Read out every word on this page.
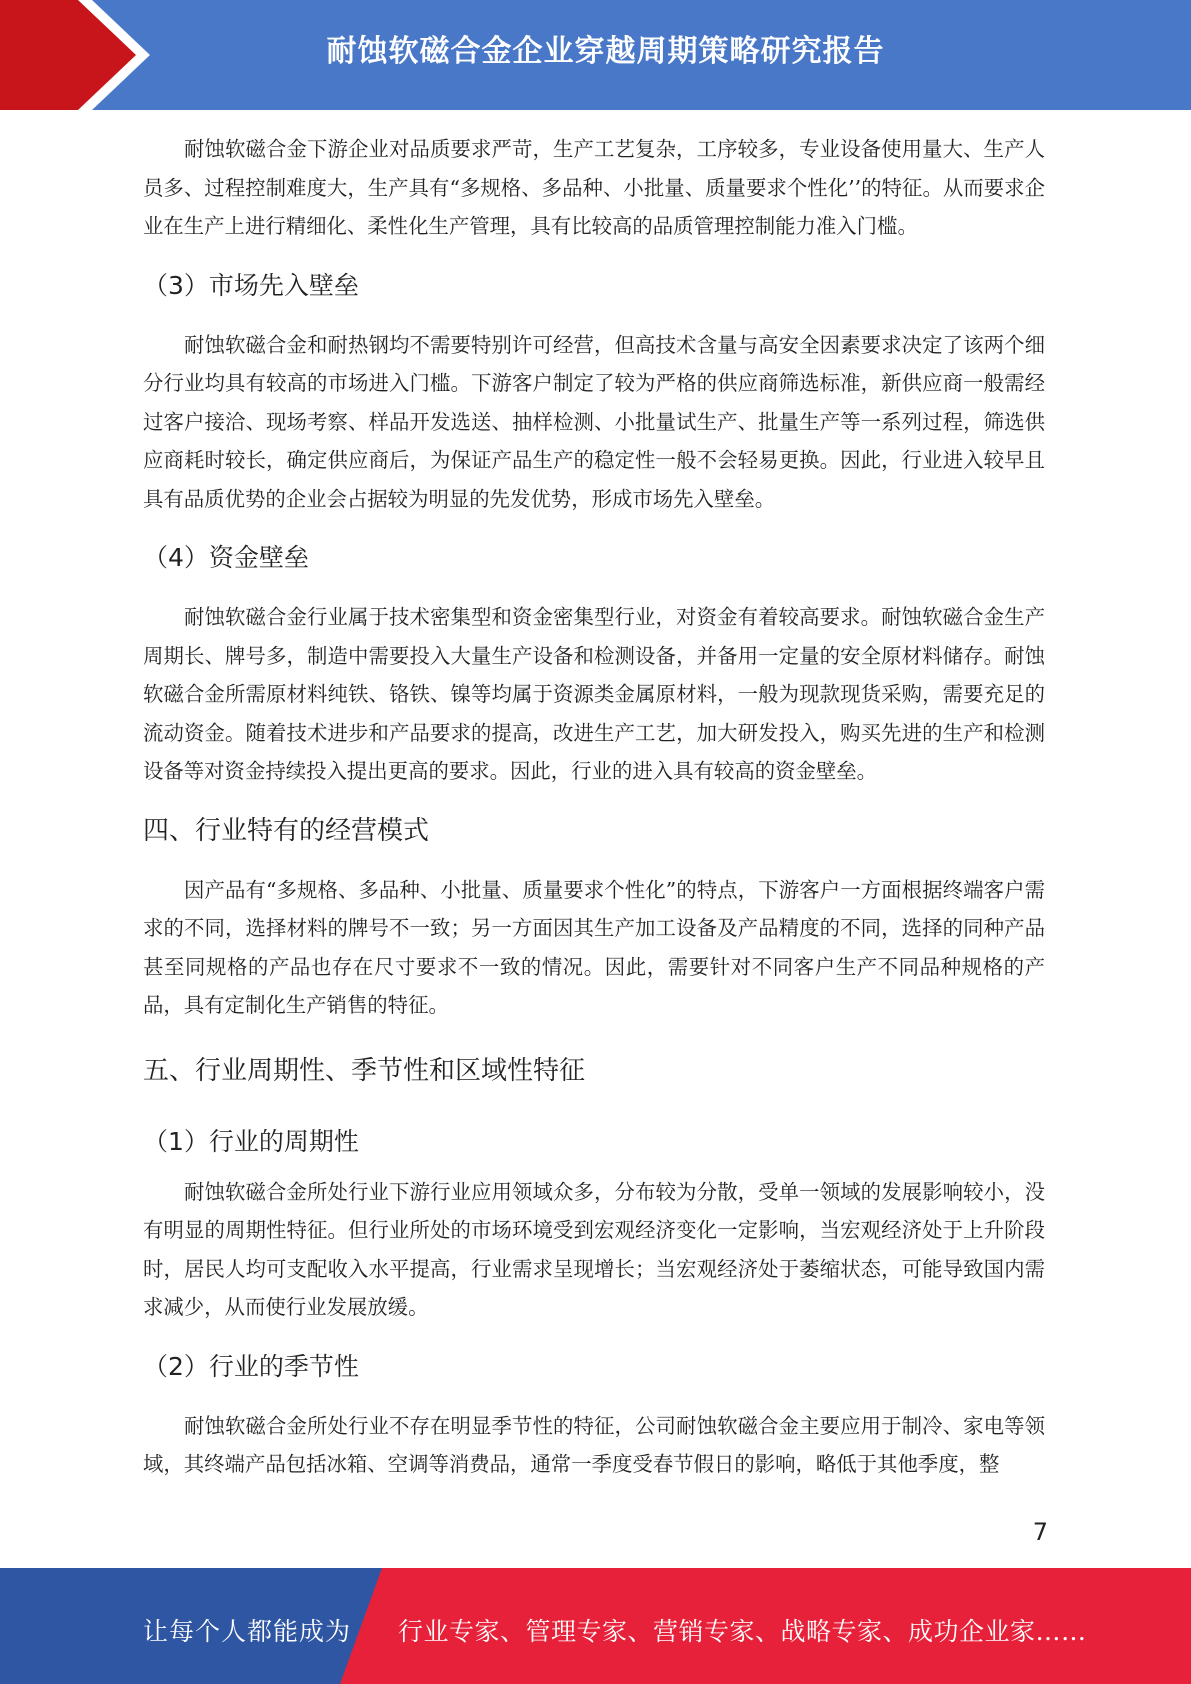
耐蚀软磁合金企业穿越周期策略研究报告

耐蚀软磁合金下游企业对品质要求严苛，生产工艺复杂，工序较多，专业设备使用量大、生产人员多、过程控制难度大，生产具有“多规格、多品种、小批量、质量要求个性化’’的特征。从而要求企业在生产上进行精细化、柔性化生产管理，具有比较高的品质管理控制能力准入门槛。

（3）市场先入壁垒

耐蚀软磁合金和耐热钢均不需要特别许可经营，但高技术含量与高安全因素要求决定了该两个细分行业均具有较高的市场进入门槛。下游客户制定了较为严格的供应商筛选标准，新供应商一般需经过客户接洽、现场考察、样品开发选送、抽样检测、小批量试生产、批量生产等一系列过程，筛选供应商耗时较长，确定供应商后，为保证产品生产的稳定性一般不会轻易更换。因此，行业进入较早且具有品质优势的企业会占据较为明显的先发优势，形成市场先入壁垒。

（4）资金壁垒

耐蚀软磁合金行业属于技术密集型和资金密集型行业，对资金有着较高要求。耐蚀软磁合金生产周期长、牌号多，制造中需要投入大量生产设备和检测设备，并备用一定量的安全原材料储存。耐蚀软磁合金所需原材料纯铁、铬铁、镍等均属于资源类金属原材料，一般为现款现货采购，需要充足的流动资金。随着技术进步和产品要求的提高，改进生产工艺，加大研发投入，购买先进的生产和检测设备等对资金持续投入提出更高的要求。因此，行业的进入具有较高的资金壁垒。

四、行业特有的经营模式

因产品有“多规格、多品种、小批量、质量要求个性化”的特点，下游客户一方面根据终端客户需求的不同，选择材料的牌号不一致；另一方面因其生产加工设备及产品精度的不同，选择的同种产品甚至同规格的产品也存在尺寸要求不一致的情况。因此，需要针对不同客户生产不同品种规格的产品，具有定制化生产销售的特征。

五、行业周期性、季节性和区域性特征
（1）行业的周期性

耐蚀软磁合金所处行业下游行业应用领域众多，分布较为分散，受单一领域的发展影响较小，没有明显的周期性特征。但行业所处的市场环境受到宏观经济变化一定影响，当宏观经济处于上升阶段时，居民人均可支配收入水平提高，行业需求呈现增长；当宏观经济处于萎缩状态，可能导致国内需求减少，从而使行业发展放缓。

（2）行业的季节性

耐蚀软磁合金所处行业不存在明显季节性的特征，公司耐蚀软磁合金主要应用于制冷、家电等领域，其终端产品包括冰箱、空调等消费品，通常一季度受春节假日的影响，略低于其他季度，整

7
让每个人都能成为 行业专家、管理专家、营销专家、战略专家、成功企业家……
